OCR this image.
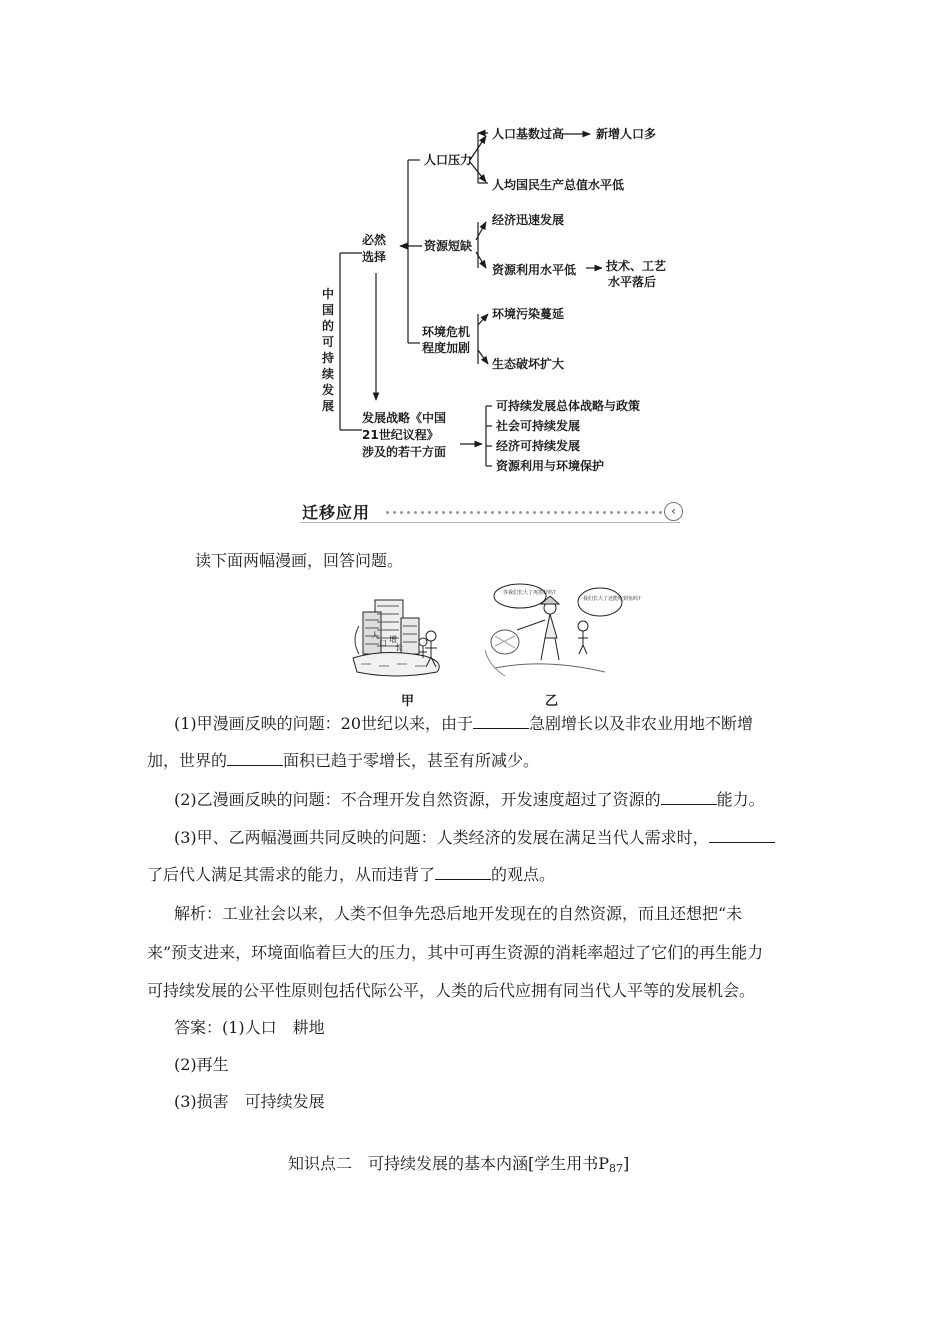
中
国
的
可
持
续
发
展
必然
选择
人口压力
人口基数过高	新增人口多
人均国民生产总值水平低
资源短缺
经济迅速发展
资源利用水平低 技术、工艺
水平落后
环境危机
程度加剧
环境污染蔓延
生态破坏扩大
发展战略《中国
21世纪议程》
涉及的若干方面
可持续发展总体战略与政策
社会可持续发展
经济可持续发展
资源利用与环境保护
迁移应用	‹
读下面两幅漫画，回答问题。
人
口 增
长
等我们长大了再捞好吗?
我们长大了还能吃到鱼吗?
甲	乙
(1)甲漫画反映的问题：20世纪以来，由于	急剧增长以及非农业用地不断增
加，世界的	面积已趋于零增长，甚至有所减少。
(2)乙漫画反映的问题：不合理开发自然资源，开发速度超过了资源的	能力。
(3)甲、乙两幅漫画共同反映的问题：人类经济的发展在满足当代人需求时，
了后代人满足其需求的能力，从而违背了	的观点。
解析：工业社会以来，人类不但争先恐后地开发现在的自然资源，而且还想把“未
来”预支进来，环境面临着巨大的压力，其中可再生资源的消耗率超过了它们的再生能力
可持续发展的公平性原则包括代际公平，人类的后代应拥有同当代人平等的发展机会。
答案：(1)人口　耕地
(2)再生
(3)损害　可持续发展
知识点二　可持续发展的基本内涵[学生用书P87]
